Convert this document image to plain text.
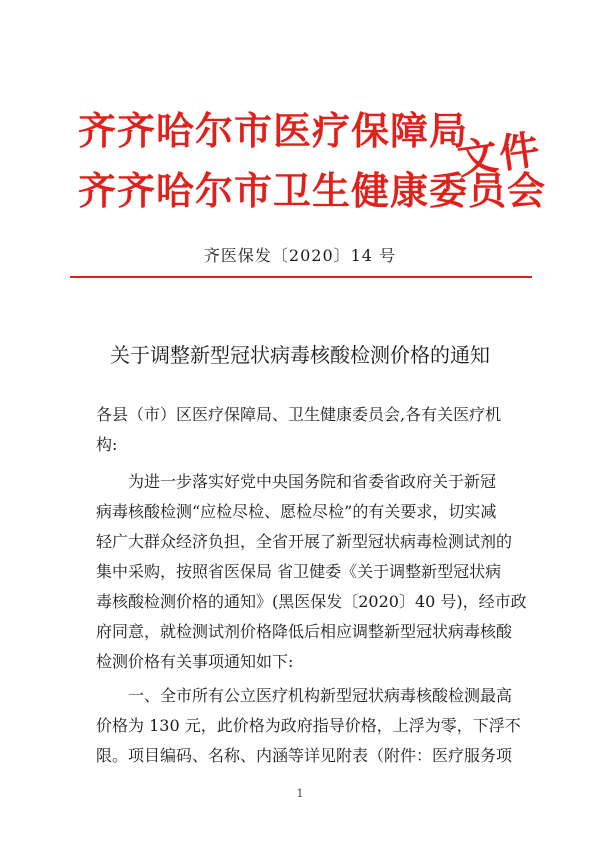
齐齐哈尔市医疗保障局
齐齐哈尔市卫生健康委员会
文件
齐医保发〔2020〕14 号
关于调整新型冠状病毒核酸检测价格的通知
各县（市）区医疗保障局、卫生健康委员会,各有关医疗机
构:
为进一步落实好党中央国务院和省委省政府关于新冠
病毒核酸检测“应检尽检、愿检尽检”的有关要求，切实减
轻广大群众经济负担，全省开展了新型冠状病毒检测试剂的
集中采购，按照省医保局 省卫健委《关于调整新型冠状病
毒核酸检测价格的通知》(黑医保发〔2020〕40 号)，经市政
府同意，就检测试剂价格降低后相应调整新型冠状病毒核酸
检测价格有关事项通知如下:
一、全市所有公立医疗机构新型冠状病毒核酸检测最高
价格为 130 元，此价格为政府指导价格，上浮为零，下浮不
限。项目编码、名称、内涵等详见附表（附件：医疗服务项
1
